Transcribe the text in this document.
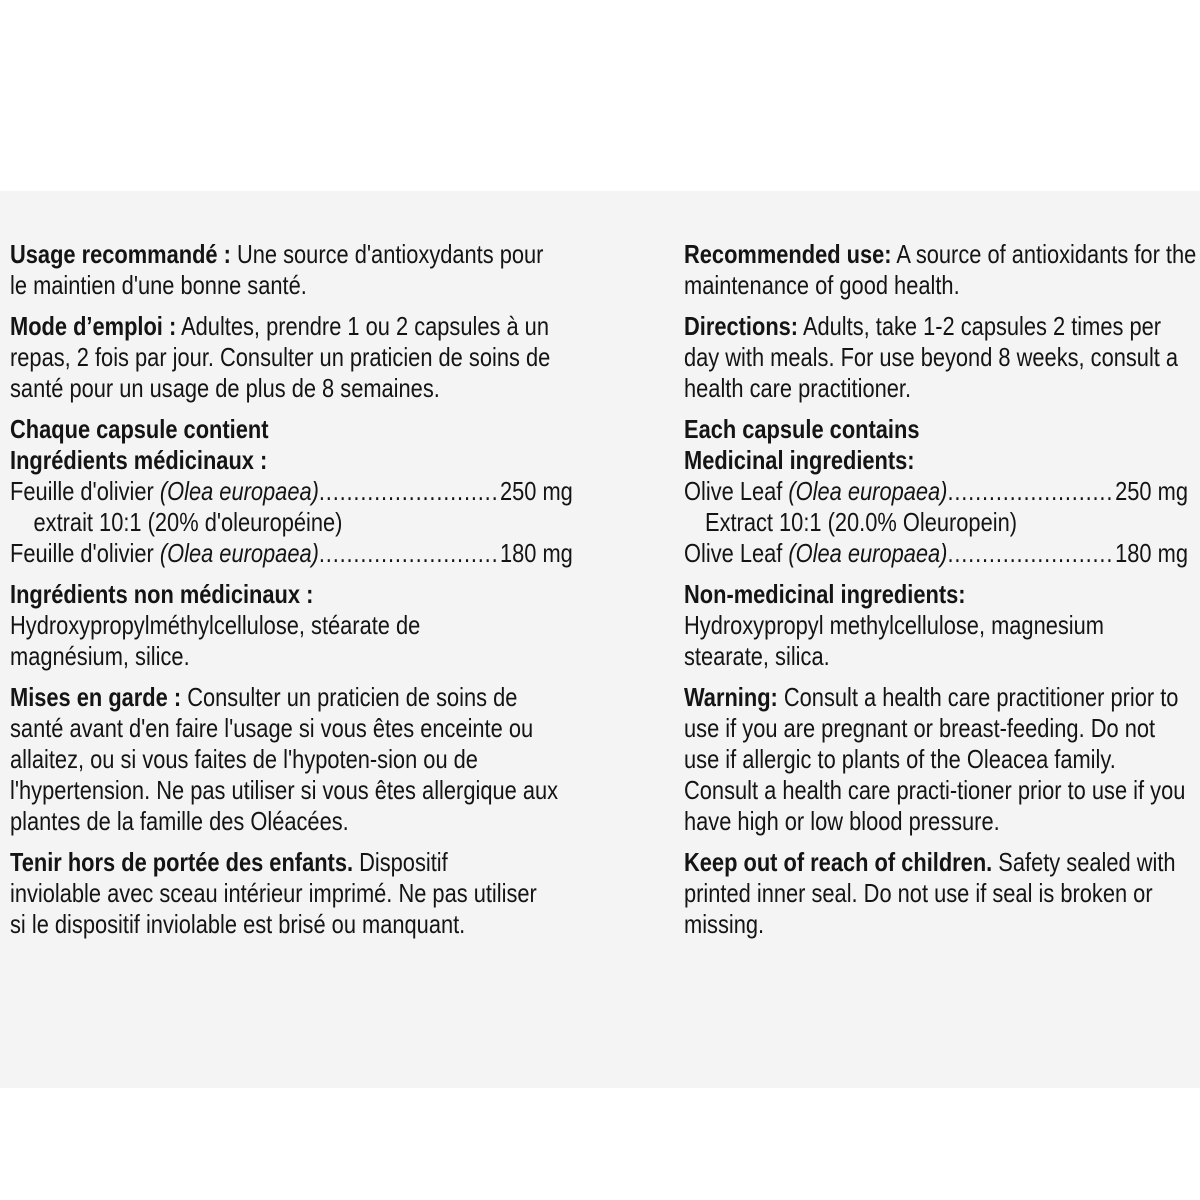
Usage recommandé : Une source d'antioxydants pour le maintien d'une bonne santé.

Mode d’emploi : Adultes, prendre 1 ou 2 capsules à un repas, 2 fois par jour. Consulter un praticien de soins de santé pour un usage de plus de 8 semaines.

Chaque capsule contient
Ingrédients médicinaux :
Feuille d'olivier (Olea europaea) .....	250 mg
extrait 10:1 (20% d'oleuropéine)
Feuille d'olivier (Olea europaea) .....	180 mg
Ingrédients non médicinaux :
Hydroxypropylméthylcellulose, stéarate de magnésium, silice.

Mises en garde : Consulter un praticien de soins de santé avant d'en faire l'usage si vous êtes enceinte ou allaitez, ou si vous faites de l'hypoten-sion ou de l'hypertension. Ne pas utiliser si vous êtes allergique aux plantes de la famille des Oléacées.

Tenir hors de portée des enfants. Dispositif inviolable avec sceau intérieur imprimé. Ne pas utiliser si le dispositif inviolable est brisé ou manquant.

Recommended use: A source of antioxidants for the maintenance of good health.

Directions: Adults, take 1-2 capsules 2 times per day with meals. For use beyond 8 weeks, consult a health care practitioner.

Each capsule contains
Medicinal ingredients:
Olive Leaf (Olea europaea) .....	250 mg
Extract 10:1 (20.0% Oleuropein)
Olive Leaf (Olea europaea) .....	180 mg
Non-medicinal ingredients:
Hydroxypropyl methylcellulose, magnesium stearate, silica.

Warning: Consult a health care practitioner prior to use if you are pregnant or breast-feeding. Do not use if allergic to plants of the Oleacea family. Consult a health care practi-tioner prior to use if you have high or low blood pressure.

Keep out of reach of children. Safety sealed with printed inner seal. Do not use if seal is broken or missing.
